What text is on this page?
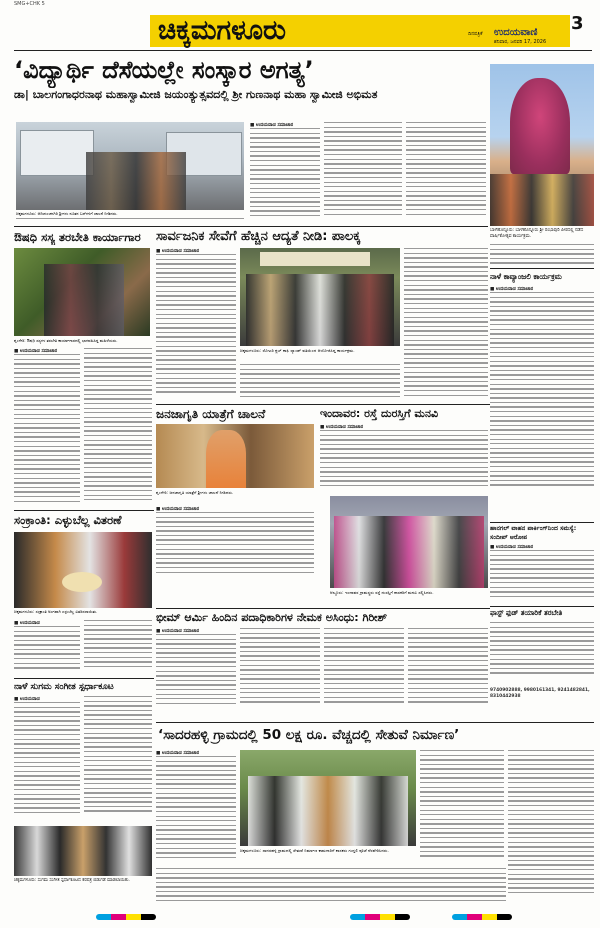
SMG+CHK 5
ಚಿಕ್ಕಮಗಳೂರು	3
ದಿನಪತ್ರಿಕೆ ಉದಯವಾಣಿ
ಶನಿವಾರ, ಜನವರಿ 17, 2026
‘ವಿದ್ಯಾರ್ಥಿ ದೆಸೆಯಲ್ಲೇ ಸಂಸ್ಕಾರ ಅಗತ್ಯ’
ಡಾ| ಬಾಲಗಂಗಾಧರನಾಥ ಮಹಾಸ್ವಾಮೀಜಿ ಜಯಂತ್ಯುತ್ಸವದಲ್ಲಿ ಶ್ರೀ ಗುಣನಾಥ ಮಹಾ ಸ್ವಾಮೀಜಿ ಅಭಿಮತ
ಚಿಕ್ಕಮಗಳೂರು: ಆದಿಚುಂಚನಗಿರಿ ಶ್ರೀಗಳು ನೂತನ ಬಸ್‌ಗಳಿಗೆ ಚಾಲನೆ ನೀಡಿದರು.
■ ಉದಯವಾಣಿ ಸಮಾಚಾರ
ಬಾಳೆಹೊನ್ನೂರು: ಬಾಳೆಹೊನ್ನೂರು ಶ್ರೀ ರಂಭಾಪುರಿ ಪೀಠದಲ್ಲಿ ನಡೆದ ವಾರ್ಷಿಕೋತ್ಸವ ಕಾರ್ಯಕ್ರಮ.
ಔಷಧಿ ಸಸ್ಯ ತರಬೇತಿ ಕಾರ್ಯಾಗಾರ
ಶೃಂಗೇರಿ: ಔಷಧಿ ಸಸ್ಯಗಳ ತರಬೇತಿ ಕಾರ್ಯಾಗಾರದಲ್ಲಿ ಭಾಗವಹಿಸಿದ್ದ ಮಹಿಳೆಯರು.
■ ಉದಯವಾಣಿ ಸಮಾಚಾರ
ಸಾರ್ವಜನಿಕ ಸೇವೆಗೆ ಹೆಚ್ಚಿನ ಆದ್ಯತೆ ನೀಡಿ: ಪಾಲಕ್ಕ
■ ಉದಯವಾಣಿ ಸಮಾಚಾರ
ಚಿಕ್ಕಮಗಳೂರು: ರೋಟರಿ ಕ್ಲಬ್ ಕಾಫಿ ಲ್ಯಾಂಡ್ ವತಿಯಿಂದ ಆಯೋಜಿಸಿದ್ದ ಕಾರ್ಯಕ್ರಮ.
ನಾಳೆ ಕಾವ್ಯಾಂಜಲಿ ಕಾರ್ಯಕ್ರಮ
■ ಉದಯವಾಣಿ ಸಮಾಚಾರ
ಹಾನಗಲ್ ವಾಹನ ಪಾರ್ಕಿಂಗ್‌ನಿಂದ ಸಮಸ್ಯೆ: ಸಂದೀಪ್ ಆರೋಪ
■ ಉದಯವಾಣಿ ಸಮಾಚಾರ
ಫಾಸ್ಟ್ ಫುಡ್ ತಯಾರಿಕೆ ತರಬೇತಿ
9740902888, 9980161341, 9241482841, 8310442938
ಜನಜಾಗೃತಿ ಯಾತ್ರೆಗೆ ಚಾಲನೆ
ಶೃಂಗೇರಿ: ಜನಜಾಗೃತಿ ಯಾತ್ರೆಗೆ ಶ್ರೀಗಳು ಚಾಲನೆ ನೀಡಿದರು.
■ ಉದಯವಾಣಿ ಸಮಾಚಾರ
ಇಂದಾವರ: ರಸ್ತೆ ದುರಸ್ತಿಗೆ ಮನವಿ
■ ಉದಯವಾಣಿ ಸಮಾಚಾರ
ಆಲ್ದೂರು: ಇಂದಾವರ ಗ್ರಾಮಸ್ಥರು ರಸ್ತೆ ದುರಸ್ತಿಗೆ ಶಾಸಕರಿಗೆ ಮನವಿ ಸಲ್ಲಿಸಿದರು.
ಸಂಕ್ರಾಂತಿ: ಎಳ್ಳುಬೆಲ್ಲ ವಿತರಣೆ
ಚಿಕ್ಕಮಗಳೂರು: ಸಂಕ್ರಾಂತಿ ಅಂಗವಾಗಿ ಎಳ್ಳುಬೆಲ್ಲ ವಿತರಿಸಲಾಯಿತು.	ಭೀಮ್ ಆರ್ಮಿ ಹಿಂದಿನ ಪದಾಧಿಕಾರಿಗಳ ನೇಮಕ ಅಸಿಂಧು: ಗಿರೀಶ್
■ ಉದಯವಾಣಿ ಸಮಾಚಾರ
■ ಉದಯವಾಣಿ
ನಾಳೆ ಸುಗಮ ಸಂಗೀತ ಸ್ಪರ್ಧಾಕೂಟ
■ ಉದಯವಾಣಿ
ಚಿಕ್ಕಮಗಳೂರು: ಸುಗಮ ಸಂಗೀತ ಸ್ಪರ್ಧಾಕೂಟದ ಕರಪತ್ರ ಬಿಡುಗಡೆ ಮಾಡಲಾಯಿತು.
‘ಸಾದರಹಳ್ಳಿ ಗ್ರಾಮದಲ್ಲಿ 50 ಲಕ್ಷ ರೂ. ವೆಚ್ಚದಲ್ಲಿ ಸೇತುವೆ ನಿರ್ಮಾಣ’
■ ಉದಯವಾಣಿ ಸಮಾಚಾರ
ಚಿಕ್ಕಮಗಳೂರು: ಸಾದರಹಳ್ಳಿ ಗ್ರಾಮದಲ್ಲಿ ಸೇತುವೆ ನಿರ್ಮಾಣ ಕಾಮಗಾರಿಗೆ ಶಾಸಕರು ಗುದ್ದಲಿ ಪೂಜೆ ನೆರವೇರಿಸಿದರು.
